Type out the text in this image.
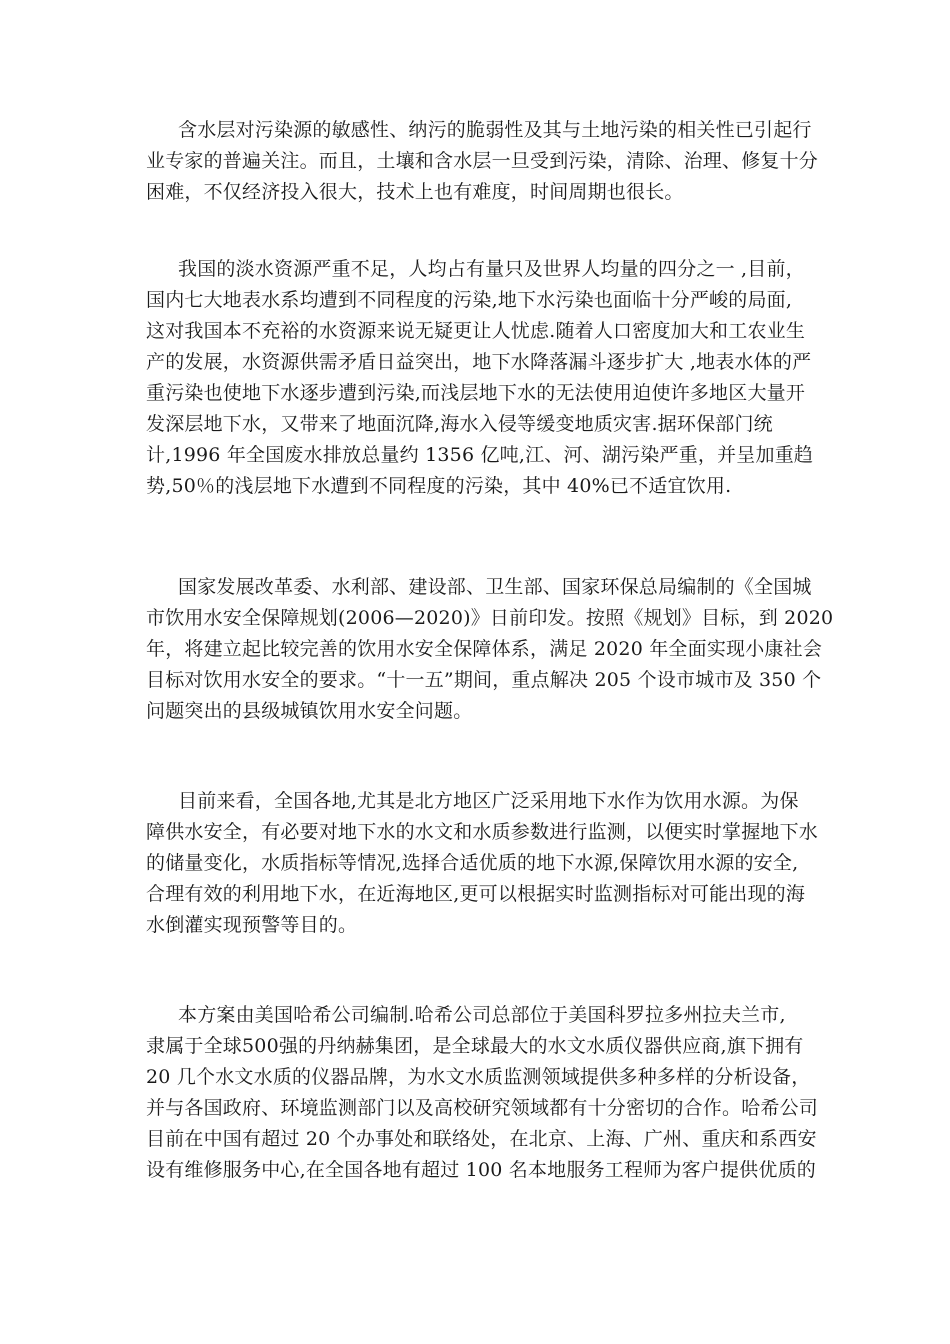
含水层对污染源的敏感性、纳污的脆弱性及其与土地污染的相关性已引起行
业专家的普遍关注。而且，土壤和含水层一旦受到污染，清除、治理、修复十分
困难，不仅经济投入很大，技术上也有难度，时间周期也很长。
我国的淡水资源严重不足，人均占有量只及世界人均量的四分之一 ,目前，
国内七大地表水系均遭到不同程度的污染,地下水污染也面临十分严峻的局面,
这对我国本不充裕的水资源来说无疑更让人忧虑.随着人口密度加大和工农业生
产的发展，水资源供需矛盾日益突出，地下水降落漏斗逐步扩大 ,地表水体的严
重污染也使地下水逐步遭到污染,而浅层地下水的无法使用迫使许多地区大量开
发深层地下水，又带来了地面沉降,海水入侵等缓变地质灾害.据环保部门统
计,1996 年全国废水排放总量约 1356 亿吨,江、河、湖污染严重，并呈加重趋
势,50％的浅层地下水遭到不同程度的污染，其中 40%已不适宜饮用.
国家发展改革委、水利部、建设部、卫生部、国家环保总局编制的《全国城
市饮用水安全保障规划(2006—2020)》日前印发。按照《规划》目标，到 2020
年，将建立起比较完善的饮用水安全保障体系，满足 2020 年全面实现小康社会
目标对饮用水安全的要求。“十一五”期间，重点解决 205 个设市城市及 350 个
问题突出的县级城镇饮用水安全问题。
目前来看，全国各地,尤其是北方地区广泛采用地下水作为饮用水源。为保
障供水安全，有必要对地下水的水文和水质参数进行监测，以便实时掌握地下水
的储量变化，水质指标等情况,选择合适优质的地下水源,保障饮用水源的安全,
合理有效的利用地下水，在近海地区,更可以根据实时监测指标对可能出现的海
水倒灌实现预警等目的。
本方案由美国哈希公司编制.哈希公司总部位于美国科罗拉多州拉夫兰市,
隶属于全球500强的丹纳赫集团，是全球最大的水文水质仪器供应商,旗下拥有
20 几个水文水质的仪器品牌，为水文水质监测领域提供多种多样的分析设备，
并与各国政府、环境监测部门以及高校研究领域都有十分密切的合作。哈希公司
目前在中国有超过 20 个办事处和联络处，在北京、上海、广州、重庆和系西安
设有维修服务中心,在全国各地有超过 100 名本地服务工程师为客户提供优质的
